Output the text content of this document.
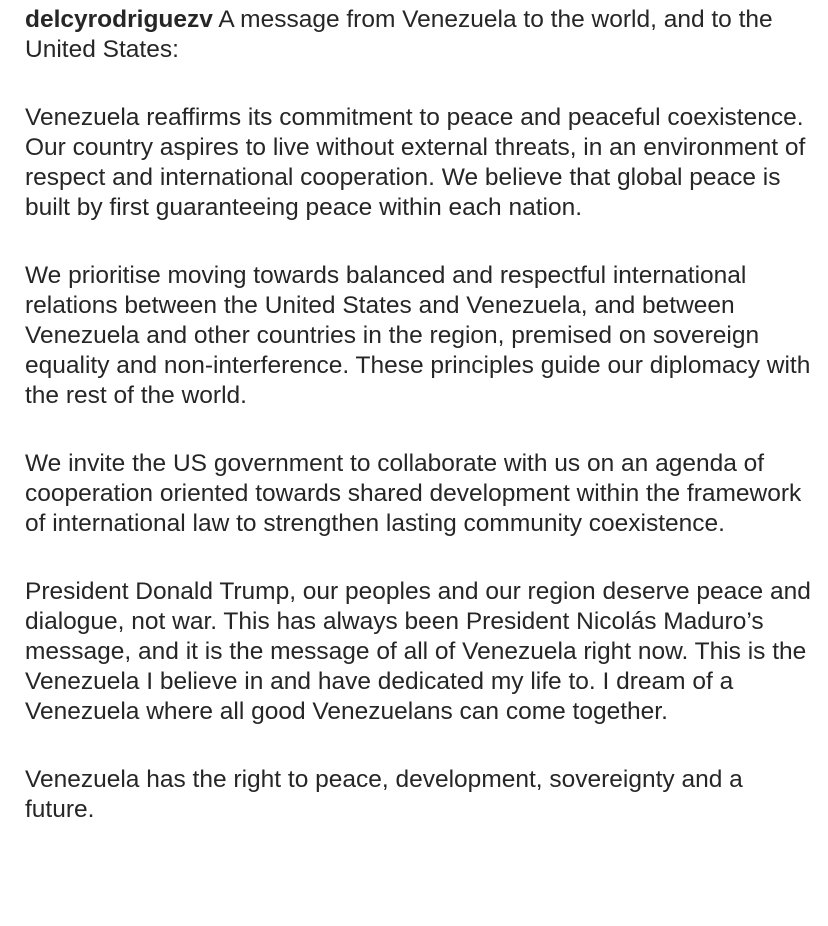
delcyrodriguezv A message from Venezuela to the world, and to the United States:

Venezuela reaffirms its commitment to peace and peaceful coexistence. Our country aspires to live without external threats, in an environment of respect and international cooperation. We believe that global peace is built by first guaranteeing peace within each nation.

We prioritise moving towards balanced and respectful international relations between the United States and Venezuela, and between Venezuela and other countries in the region, premised on sovereign equality and non-interference. These principles guide our diplomacy with the rest of the world.

We invite the US government to collaborate with us on an agenda of cooperation oriented towards shared development within the framework of international law to strengthen lasting community coexistence.

President Donald Trump, our peoples and our region deserve peace and dialogue, not war. This has always been President Nicolás Maduro’s message, and it is the message of all of Venezuela right now. This is the Venezuela I believe in and have dedicated my life to. I dream of a Venezuela where all good Venezuelans can come together.

Venezuela has the right to peace, development, sovereignty and a future.
